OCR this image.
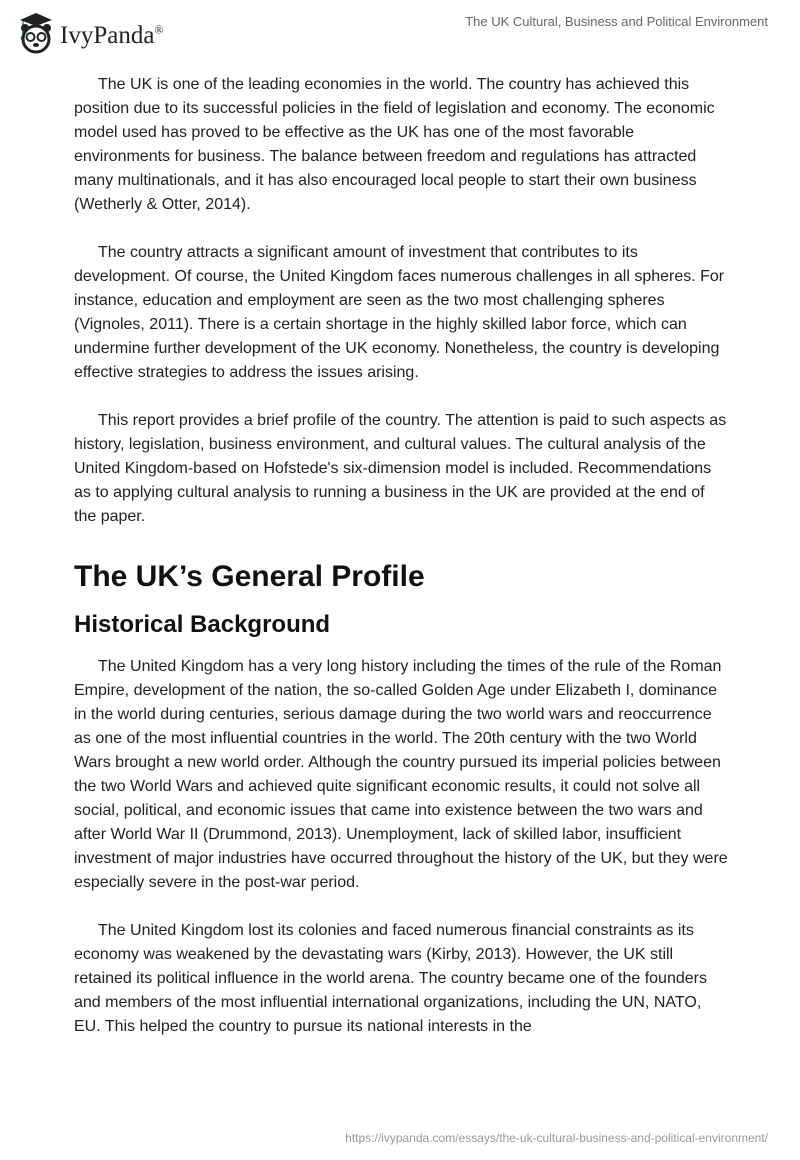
IvyPanda®
The UK Cultural, Business and Political Environment

The UK is one of the leading economies in the world. The country has achieved this position due to its successful policies in the field of legislation and economy. The economic model used has proved to be effective as the UK has one of the most favorable environments for business. The balance between freedom and regulations has attracted many multinationals, and it has also encouraged local people to start their own business (Wetherly & Otter, 2014).

The country attracts a significant amount of investment that contributes to its development. Of course, the United Kingdom faces numerous challenges in all spheres. For instance, education and employment are seen as the two most challenging spheres (Vignoles, 2011). There is a certain shortage in the highly skilled labor force, which can undermine further development of the UK economy. Nonetheless, the country is developing effective strategies to address the issues arising.

This report provides a brief profile of the country. The attention is paid to such aspects as history, legislation, business environment, and cultural values. The cultural analysis of the United Kingdom-based on Hofstede's six-dimension model is included. Recommendations as to applying cultural analysis to running a business in the UK are provided at the end of the paper.

The UK’s General Profile
Historical Background

The United Kingdom has a very long history including the times of the rule of the Roman Empire, development of the nation, the so-called Golden Age under Elizabeth I, dominance in the world during centuries, serious damage during the two world wars and reoccurrence as one of the most influential countries in the world. The 20th century with the two World Wars brought a new world order. Although the country pursued its imperial policies between the two World Wars and achieved quite significant economic results, it could not solve all social, political, and economic issues that came into existence between the two wars and after World War II (Drummond, 2013). Unemployment, lack of skilled labor, insufficient investment of major industries have occurred throughout the history of the UK, but they were especially severe in the post-war period.

The United Kingdom lost its colonies and faced numerous financial constraints as its economy was weakened by the devastating wars (Kirby, 2013). However, the UK still retained its political influence in the world arena. The country became one of the founders and members of the most influential international organizations, including the UN, NATO, EU. This helped the country to pursue its national interests in the

https://ivypanda.com/essays/the-uk-cultural-business-and-political-environment/
